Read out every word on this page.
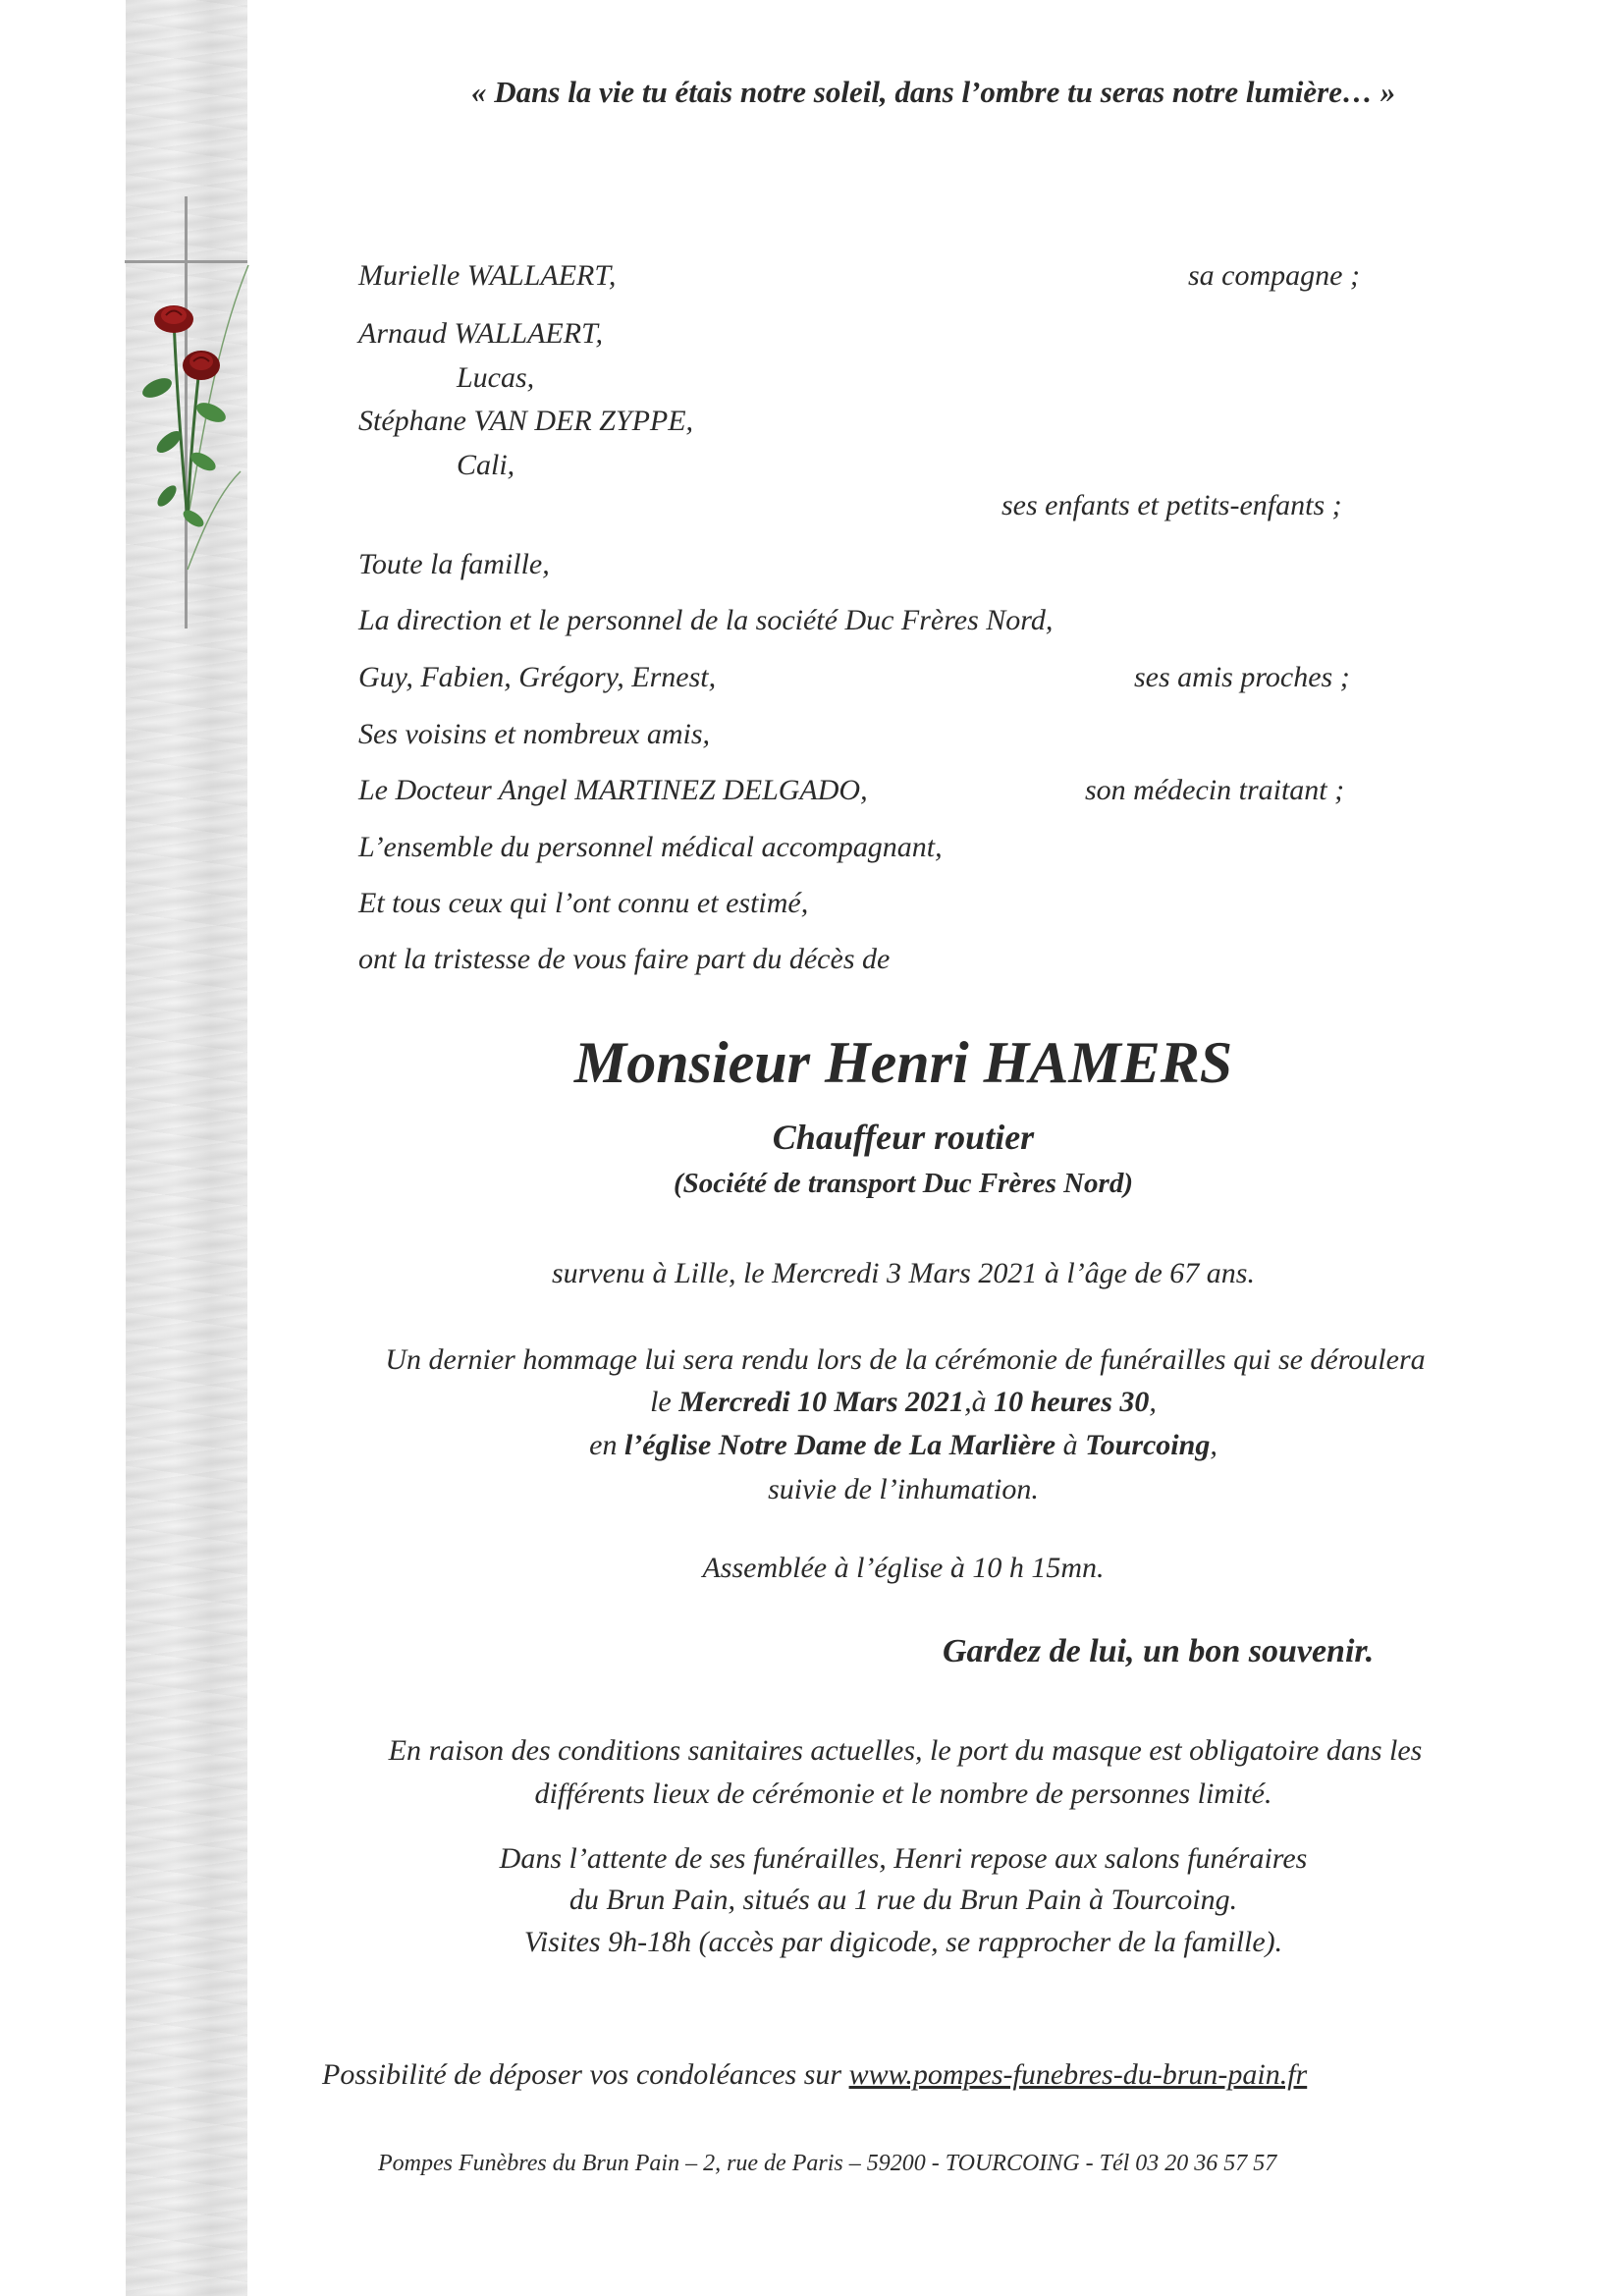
« Dans la vie tu étais notre soleil, dans l’ombre tu seras notre lumière… »
Murielle WALLAERT,	sa compagne ;
Arnaud WALLAERT,
Lucas,
Stéphane VAN DER ZYPPE,
Cali,
ses enfants et petits-enfants ;
Toute la famille,
La direction et le personnel de la société Duc Frères Nord,
Guy, Fabien, Grégory, Ernest,	ses amis proches ;
Ses voisins et nombreux amis,
Le Docteur Angel MARTINEZ DELGADO,	son médecin traitant ;
L’ensemble du personnel médical accompagnant,
Et tous ceux qui l’ont connu et estimé,
ont la tristesse de vous faire part du décès de
Monsieur Henri HAMERS
Chauffeur routier
(Société de transport Duc Frères Nord)
survenu à Lille, le Mercredi 3 Mars 2021 à l’âge de 67 ans.
Un dernier hommage lui sera rendu lors de la cérémonie de funérailles qui se déroulera
le Mercredi 10 Mars 2021,à 10 heures 30,
en l’église Notre Dame de La Marlière à Tourcoing,
suivie de l’inhumation.
Assemblée à l’église à 10 h 15mn.
Gardez de lui, un bon souvenir.
En raison des conditions sanitaires actuelles, le port du masque est obligatoire dans les
différents lieux de cérémonie et le nombre de personnes limité.
Dans l’attente de ses funérailles, Henri repose aux salons funéraires
du Brun Pain, situés au 1 rue du Brun Pain à Tourcoing.
Visites 9h-18h (accès par digicode, se rapprocher de la famille).
Possibilité de déposer vos condoléances sur www.pompes-funebres-du-brun-pain.fr
Pompes Funèbres du Brun Pain – 2, rue de Paris – 59200 - TOURCOING - Tél 03 20 36 57 57
